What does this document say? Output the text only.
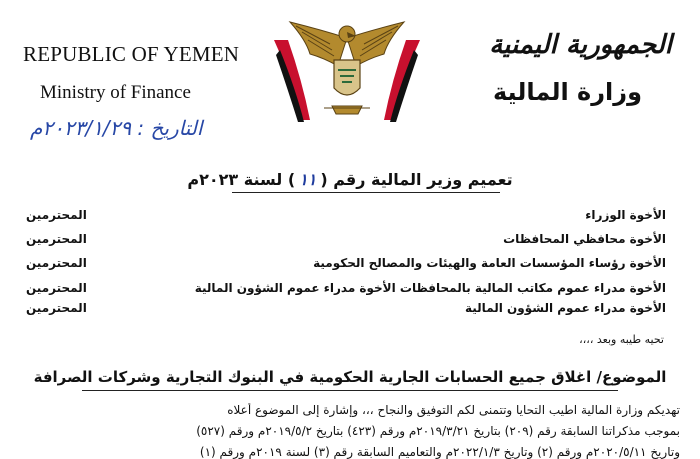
REPUBLIC OF YEMEN
Ministry of Finance
التاريخ : ٢٠٢٣/١/٢٩م
الجمهورية اليمنية
وزارة المالية
تعميم وزير المالية رقم (١١) لسنة ٢٠٢٣م
الأخوة الوزراء
المحترمين
الأخوة محافظي المحافظات
المحترمين
الأخوة رؤساء المؤسسات العامة والهيئات والمصالح الحكومية
المحترمين
الأخوة مدراء عموم مكاتب المالية بالمحافظات الأخوة مدراء عموم الشؤون المالية
المحترمين
الأخوة مدراء عموم الشؤون المالية
المحترمين
تحيه طيبه وبعد ،،،،
الموضوع/ اغلاق جميع الحسابات الجارية الحكومية في البنوك التجارية وشركات الصرافة
تهديكم وزارة المالية اطيب التحايا وتتمنى لكم التوفيق والنجاح ،،، وإشارة إلى الموضوع أعلاه
بموجب مذكراتنا السابقة رقم (٢٠٩) بتاريخ ٢٠١٩/٣/٢١م ورقم (٤٢٣) بتاريخ ٢٠١٩/٥/٢م ورقم (٥٢٧)
وتاريخ ٢٠٢٠/٥/١١م ورقم (٢) وتاريخ ٢٠٢٢/١/٣م والتعاميم السابقة رقم (٣) لسنة ٢٠١٩م ورقم (١)
